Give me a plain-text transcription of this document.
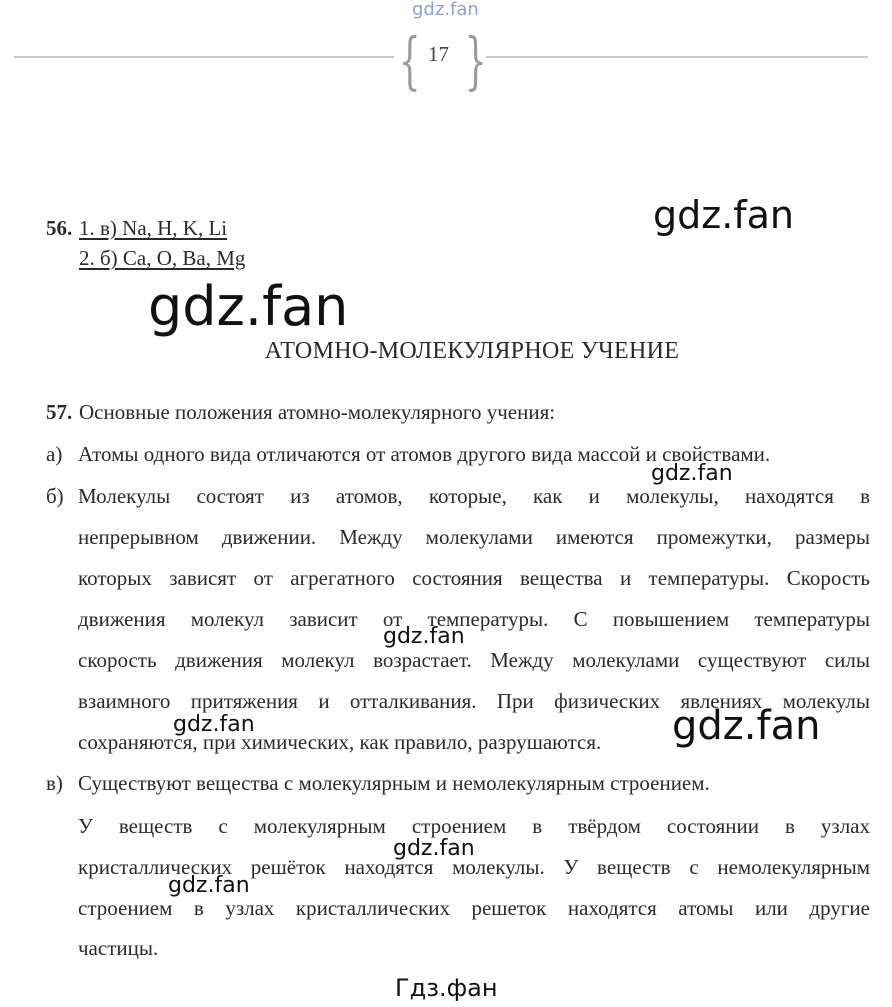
gdz.fan
{ }
17
56. 1. в) Na, H, K, Li
2. б) Ca, O, Ba, Mg
АТОМНО-МОЛЕКУЛЯРНОЕ УЧЕНИЕ
57. Основные положения атомно-молекулярного учения:
а) Атомы одного вида отличаются от атомов другого вида массой и свойствами.
б) Молекулы состоят из атомов, которые, как и молекулы, находятся в
непрерывном движении. Между молекулами имеются промежутки, размеры
которых зависят от агрегатного состояния вещества и температуры. Скорость
движения молекул зависит от температуры. С повышением температуры
скорость движения молекул возрастает. Между молекулами существуют силы
взаимного притяжения и отталкивания. При физических явлениях молекулы
сохраняются, при химических, как правило, разрушаются.
в) Существуют вещества с молекулярным и немолекулярным строением.
У веществ с молекулярным строением в твёрдом состоянии в узлах
кристаллических решёток находятся молекулы. У веществ с немолекулярным
строением в узлах кристаллических решеток находятся атомы или другие
частицы.
gdz.fan
gdz.fan
gdz.fan
gdz.fan
gdz.fan	gdz.fan
gdz.fan
gdz.fan
Гдз.фан
